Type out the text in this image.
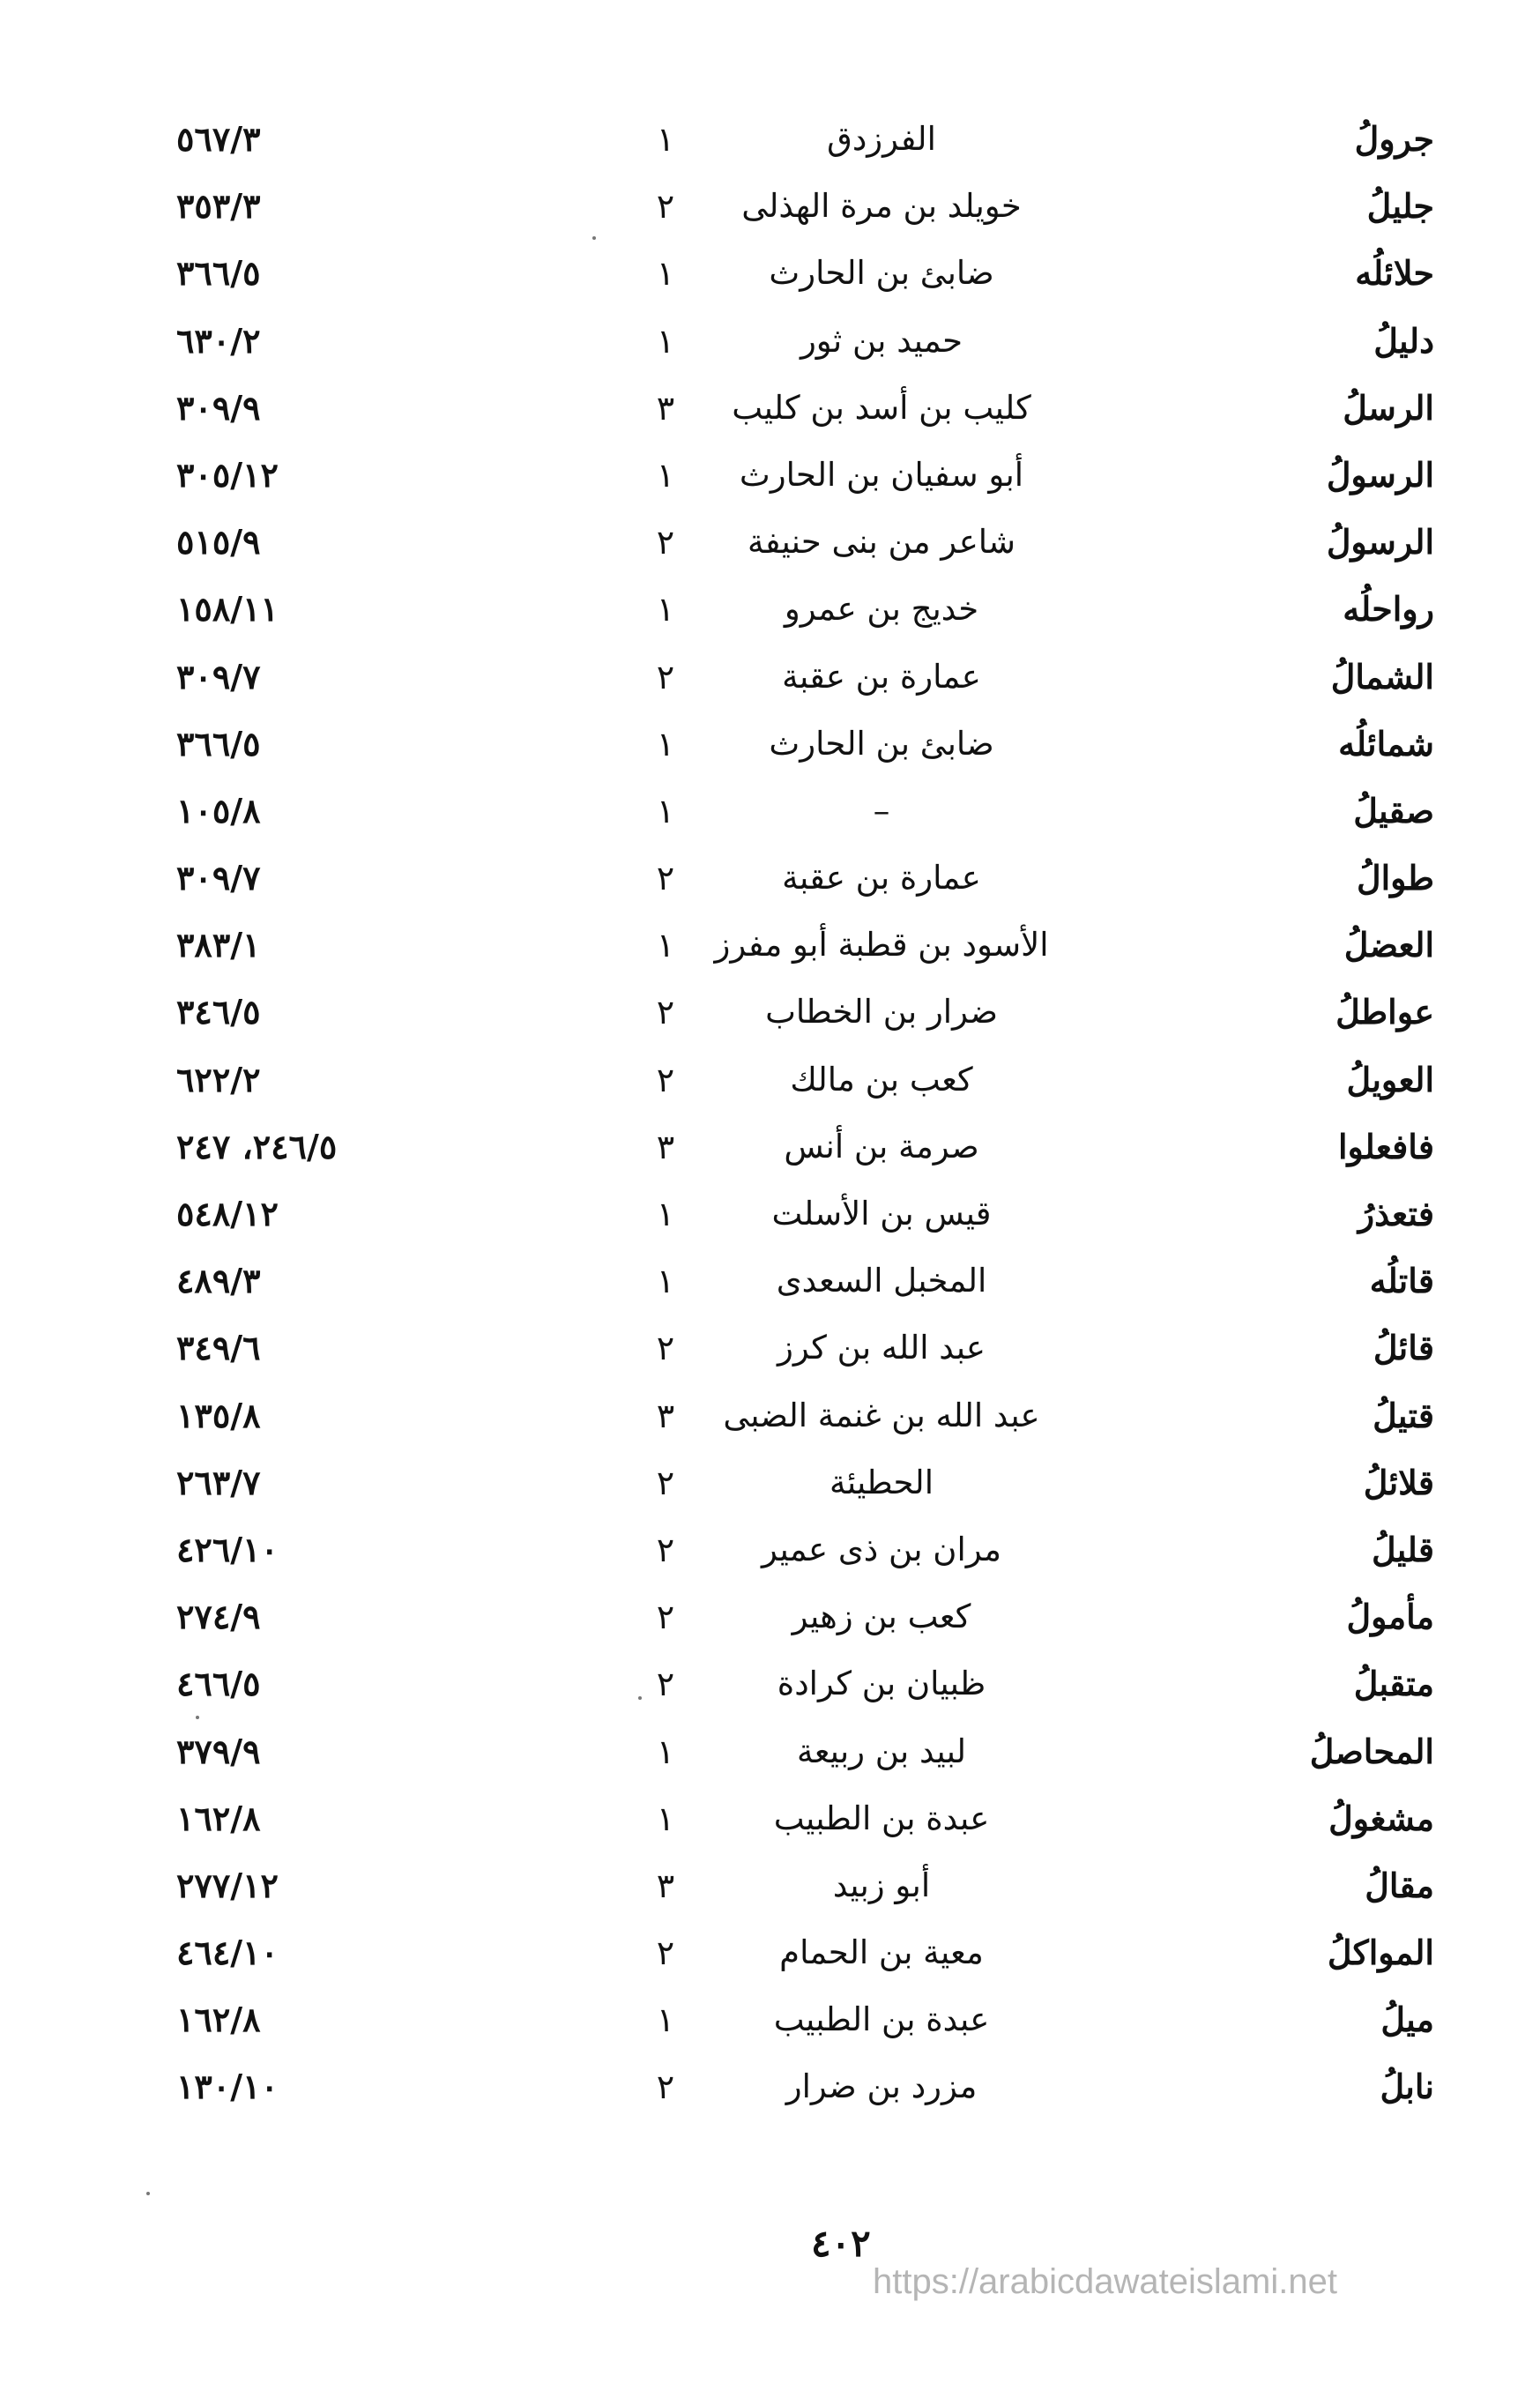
جرولُ
الفرزدق
١
٥٦٧/٣
جليلُ
خويلد بن مرة الهذلى
٢
٣٥٣/٣
حلائلُه
ضابئ بن الحارث
١
٣٦٦/٥
دليلُ
حميد بن ثور
١
٦٣٠/٢
الرسلُ
كليب بن أسد بن كليب
٣
٣٠٩/٩
الرسولُ
أبو سفيان بن الحارث
١
٣٠٥/١٢
الرسولُ
شاعر من بنى حنيفة
٢
٥١٥/٩
رواحلُه
خديج بن عمرو
١
١٥٨/١١
الشمالُ
عمارة بن عقبة
٢
٣٠٩/٧
شمائلُه
ضابئ بن الحارث
١
٣٦٦/٥
صقيلُ
–
١
١٠٥/٨
طوالُ
عمارة بن عقبة
٢
٣٠٩/٧
العضلُ
الأسود بن قطبة أبو مفرز
١
٣٨٣/١
عواطلُ
ضرار بن الخطاب
٢
٣٤٦/٥
العويلُ
كعب بن مالك
٢
٦٢٢/٢
فافعلوا
صرمة بن أنس
٣
٢٤٦/٥، ٢٤٧
فتعذرُ
قيس بن الأسلت
١
٥٤٨/١٢
قاتلُه
المخبل السعدى
١
٤٨٩/٣
قائلُ
عبد الله بن كرز
٢
٣٤٩/٦
قتيلُ
عبد الله بن غنمة الضبى
٣
١٣٥/٨
قلائلُ
الحطيئة
٢
٢٦٣/٧
قليلُ
مران بن ذى عمير
٢
٤٢٦/١٠
مأمولُ
كعب بن زهير
٢
٢٧٤/٩
متقبلُ
ظبيان بن كرادة
٢
٤٦٦/٥
المحاصلُ
لبيد بن ربيعة
١
٣٧٩/٩
مشغولُ
عبدة بن الطبيب
١
١٦٢/٨
مقالُ
أبو زبيد
٣
٢٧٧/١٢
المواكلُ
معية بن الحمام
٢
٤٦٤/١٠
ميلُ
عبدة بن الطبيب
١
١٦٢/٨
نابلُ
مزرد بن ضرار
٢
١٣٠/١٠
٤٠٢
https://arabicdawateislami.net
